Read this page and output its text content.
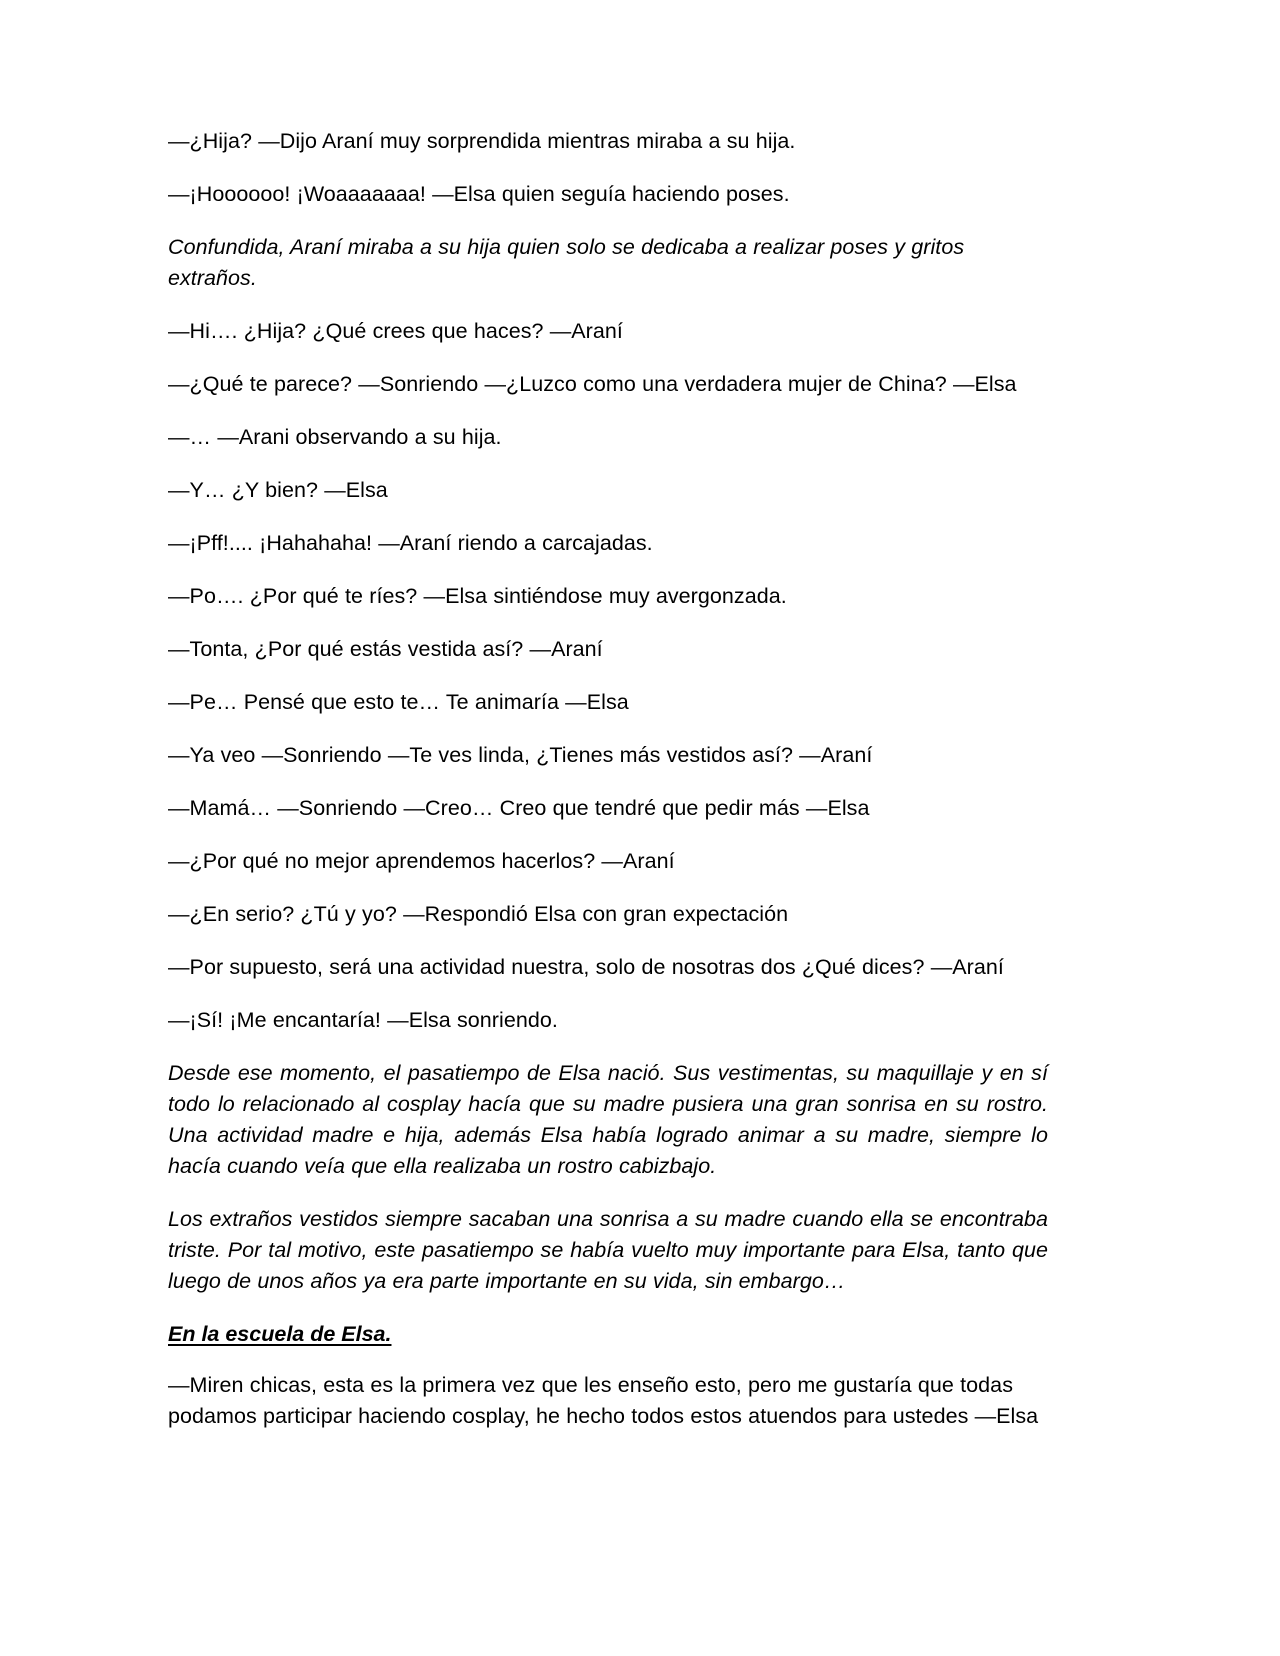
—¿Hija? —Dijo Araní muy sorprendida mientras miraba a su hija.

—¡Hoooooo! ¡Woaaaaaaa! —Elsa quien seguía haciendo poses.

Confundida, Araní miraba a su hija quien solo se dedicaba a realizar poses y gritos extraños.

—Hi…. ¿Hija? ¿Qué crees que haces? —Araní

—¿Qué te parece? —Sonriendo —¿Luzco como una verdadera mujer de China? —Elsa

—… —Arani observando a su hija.

—Y… ¿Y bien? —Elsa

—¡Pff!.... ¡Hahahaha! —Araní riendo a carcajadas.

—Po…. ¿Por qué te ríes? —Elsa sintiéndose muy avergonzada.

—Tonta, ¿Por qué estás vestida así? —Araní

—Pe… Pensé que esto te… Te animaría —Elsa

—Ya veo —Sonriendo —Te ves linda, ¿Tienes más vestidos así? —Araní

—Mamá… —Sonriendo —Creo… Creo que tendré que pedir más —Elsa

—¿Por qué no mejor aprendemos hacerlos? —Araní

—¿En serio? ¿Tú y yo? —Respondió Elsa con gran expectación

—Por supuesto, será una actividad nuestra, solo de nosotras dos ¿Qué dices? —Araní

—¡Sí! ¡Me encantaría! —Elsa sonriendo.

Desde ese momento, el pasatiempo de Elsa nació. Sus vestimentas, su maquillaje y en sí todo lo relacionado al cosplay hacía que su madre pusiera una gran sonrisa en su rostro. Una actividad madre e hija, además Elsa había logrado animar a su madre, siempre lo hacía cuando veía que ella realizaba un rostro cabizbajo.

Los extraños vestidos siempre sacaban una sonrisa a su madre cuando ella se encontraba triste. Por tal motivo, este pasatiempo se había vuelto muy importante para Elsa, tanto que luego de unos años ya era parte importante en su vida, sin embargo…

En la escuela de Elsa.

—Miren chicas, esta es la primera vez que les enseño esto, pero me gustaría que todas podamos participar haciendo cosplay, he hecho todos estos atuendos para ustedes —Elsa
